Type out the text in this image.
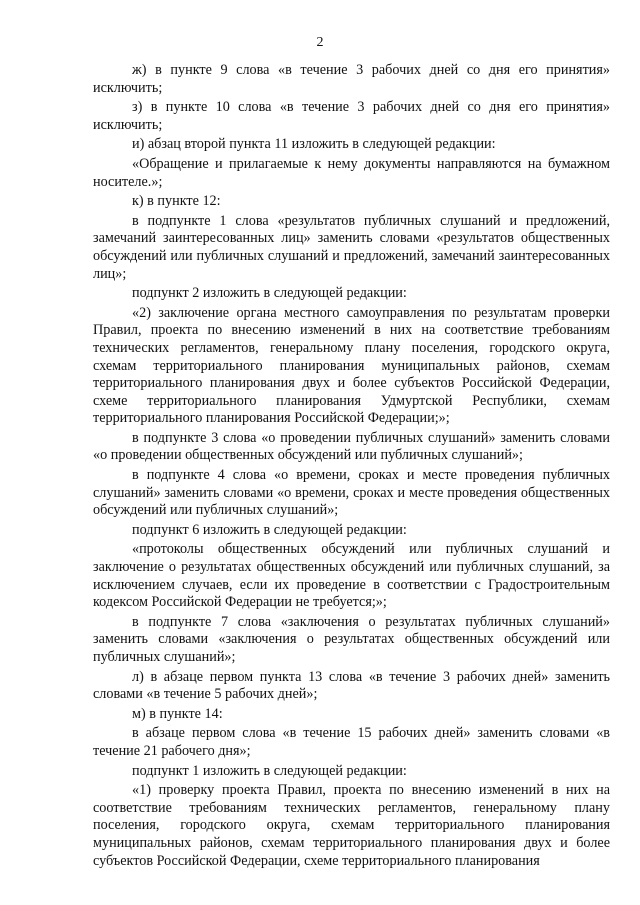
2

ж) в пункте 9 слова «в течение 3 рабочих дней со дня его принятия» исключить;

з) в пункте 10 слова «в течение 3 рабочих дней со дня его принятия» исключить;

и) абзац второй пункта 11 изложить в следующей редакции:

«Обращение и прилагаемые к нему документы направляются на бумажном носителе.»;

к) в пункте 12:

в подпункте 1 слова «результатов публичных слушаний и предложений, замечаний заинтересованных лиц» заменить словами «результатов общественных обсуждений или публичных слушаний и предложений, замечаний заинтересованных лиц»;

подпункт 2 изложить в следующей редакции:

«2) заключение органа местного самоуправления по результатам проверки Правил, проекта по внесению изменений в них на соответствие требованиям технических регламентов, генеральному плану поселения, городского округа, схемам территориального планирования муниципальных районов, схемам территориального планирования двух и более субъектов Российской Федерации, схеме территориального планирования Удмуртской Республики, схемам территориального планирования Российской Федерации;»;

в подпункте 3 слова «о проведении публичных слушаний» заменить словами «о проведении общественных обсуждений или публичных слушаний»;

в подпункте 4 слова «о времени, сроках и месте проведения публичных слушаний» заменить словами «о времени, сроках и месте проведения общественных обсуждений или публичных слушаний»;

подпункт 6 изложить в следующей редакции:

«протоколы общественных обсуждений или публичных слушаний и заключение о результатах общественных обсуждений или публичных слушаний, за исключением случаев, если их проведение в соответствии с Градостроительным кодексом Российской Федерации не требуется;»;

в подпункте 7 слова «заключения о результатах публичных слушаний» заменить словами «заключения о результатах общественных обсуждений или публичных слушаний»;

л) в абзаце первом пункта 13 слова «в течение 3 рабочих дней» заменить словами «в течение 5 рабочих дней»;

м) в пункте 14:

в абзаце первом слова «в течение 15 рабочих дней» заменить словами «в течение 21 рабочего дня»;

подпункт 1 изложить в следующей редакции:

«1) проверку проекта Правил, проекта по внесению изменений в них на соответствие требованиям технических регламентов, генеральному плану поселения, городского округа, схемам территориального планирования муниципальных районов, схемам территориального планирования двух и более субъектов Российской Федерации, схеме территориального планирования
